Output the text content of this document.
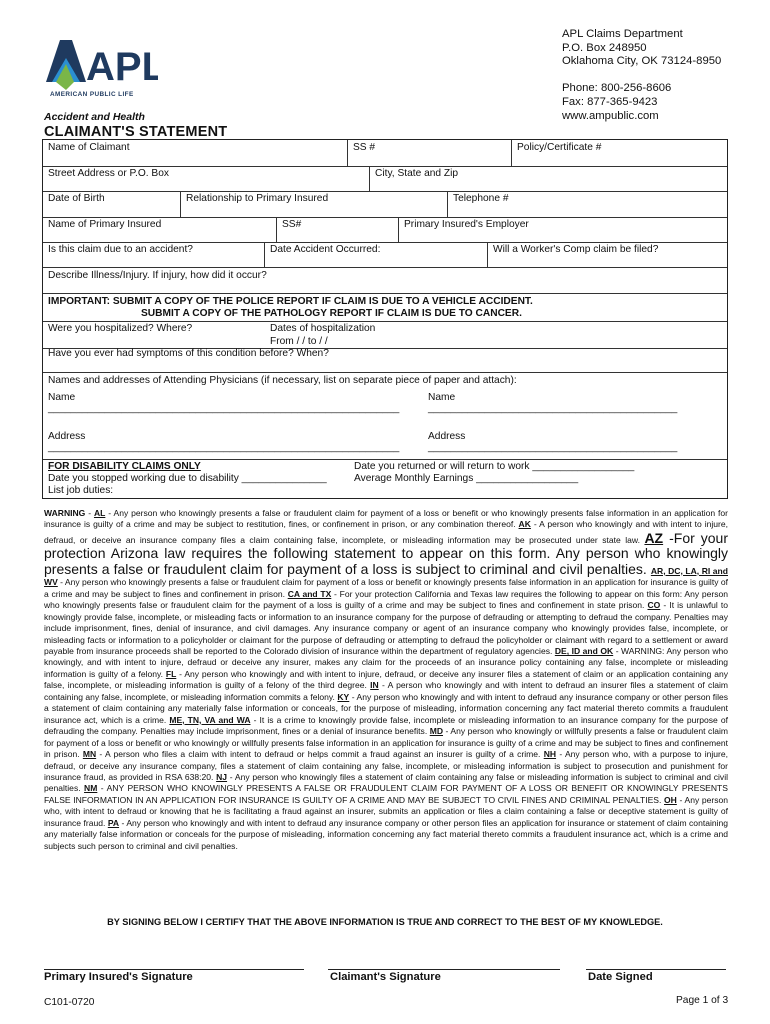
APL
AMERICAN PUBLIC LIFE
APL Claims Department
P.O. Box 248950
Oklahoma City, OK 73124-8950

Phone: 800-256-8606
Fax: 877-365-9423
www.ampublic.com
Accident and Health
CLAIMANT'S STATEMENT
Name of Claimant	SS #	Policy/Certificate #
Street Address or P.O. Box	City, State and Zip
Date of Birth	Relationship to Primary Insured	Telephone #
Name of Primary Insured	SS#	Primary Insured's Employer
Is this claim due to an accident?	Date Accident Occurred:	Will a Worker's Comp claim be filed?
Describe Illness/Injury. If injury, how did it occur?
IMPORTANT: SUBMIT A COPY OF THE POLICE REPORT IF CLAIM IS DUE TO A VEHICLE ACCIDENT.
SUBMIT A COPY OF THE PATHOLOGY REPORT IF CLAIM IS DUE TO CANCER.
Were you hospitalized? Where?	Dates of hospitalization
From / / to / /
Have you ever had symptoms of this condition before? When?
Names and addresses of Attending Physicians (if necessary, list on separate piece of paper and attach):
Name	Name
______________________________________________________________	____________________________________________
Address	Address
______________________________________________________________	____________________________________________
FOR DISABILITY CLAIMS ONLY
Date you stopped working due to disability _______________
List job duties:
Date you returned or will return to work __________________
Average Monthly Earnings __________________
WARNING - AL - Any person who knowingly presents a false or fraudulent claim for payment of a loss or benefit or who knowingly presents false information in an application for insurance is guilty of a crime and may be subject to restitution, fines, or confinement in prison, or any combination thereof. AK - A person who knowingly and with intent to injure, defraud, or deceive an insurance company files a claim containing false, incomplete, or misleading information may be prosecuted under state law. AZ -For your protection Arizona law requires the following statement to appear on this form. Any person who knowingly presents a false or fraudulent claim for payment of a loss is subject to criminal and civil penalties. AR, DC, LA, RI and WV - Any person who knowingly presents a false or fraudulent claim for payment of a loss or benefit or knowingly presents false information in an application for insurance is guilty of a crime and may be subject to fines and confinement in prison. CA and TX - For your protection California and Texas law requires the following to appear on this form: Any person who knowingly presents false or fraudulent claim for the payment of a loss is guilty of a crime and may be subject to fines and confinement in state prison. CO - It is unlawful to knowingly provide false, incomplete, or misleading facts or information to an insurance company for the purpose of defrauding or attempting to defraud the company. Penalties may include imprisonment, fines, denial of insurance, and civil damages. Any insurance company or agent of an insurance company who knowingly provides false, incomplete, or misleading facts or information to a policyholder or claimant for the purpose of defrauding or attempting to defraud the policyholder or claimant with regard to a settlement or award payable from insurance proceeds shall be reported to the Colorado division of insurance within the department of regulatory agencies. DE, ID and OK - WARNING: Any person who knowingly, and with intent to injure, defraud or deceive any insurer, makes any claim for the proceeds of an insurance policy containing any false, incomplete or misleading information is guilty of a felony. FL - Any person who knowingly and with intent to injure, defraud, or deceive any insurer files a statement of claim or an application containing any false, incomplete, or misleading information is guilty of a felony of the third degree. IN - A person who knowingly and with intent to defraud an insurer files a statement of claim containing any false, incomplete, or misleading information commits a felony. KY - Any person who knowingly and with intent to defraud any insurance company or other person files a statement of claim containing any materially false information or conceals, for the purpose of misleading, information concerning any fact material thereto commits a fraudulent insurance act, which is a crime. ME, TN, VA and WA - It is a crime to knowingly provide false, incomplete or misleading information to an insurance company for the purpose of defrauding the company. Penalties may include imprisonment, fines or a denial of insurance benefits. MD - Any person who knowingly or willfully presents a false or fraudulent claim for payment of a loss or benefit or who knowingly or willfully presents false information in an application for insurance is guilty of a crime and may be subject to fines and confinement in prison. MN - A person who files a claim with intent to defraud or helps commit a fraud against an insurer is guilty of a crime. NH - Any person who, with a purpose to injure, defraud, or deceive any insurance company, files a statement of claim containing any false, incomplete, or misleading information is subject to prosecution and punishment for insurance fraud, as provided in RSA 638:20. NJ - Any person who knowingly files a statement of claim containing any false or misleading information is subject to criminal and civil penalties. NM - ANY PERSON WHO KNOWINGLY PRESENTS A FALSE OR FRAUDULENT CLAIM FOR PAYMENT OF A LOSS OR BENEFIT OR KNOWINGLY PRESENTS FALSE INFORMATION IN AN APPLICATION FOR INSURANCE IS GUILTY OF A CRIME AND MAY BE SUBJECT TO CIVIL FINES AND CRIMINAL PENALTIES. OH - Any person who, with intent to defraud or knowing that he is facilitating a fraud against an insurer, submits an application or files a claim containing a false or deceptive statement is guilty of insurance fraud. PA - Any person who knowingly and with intent to defraud any insurance company or other person files an application for insurance or statement of claim containing any materially false information or conceals for the purpose of misleading, information concerning any fact material thereto commits a fraudulent insurance act, which is a crime and subjects such person to criminal and civil penalties.
BY SIGNING BELOW I CERTIFY THAT THE ABOVE INFORMATION IS TRUE AND CORRECT TO THE BEST OF MY KNOWLEDGE.
Primary Insured's Signature	Claimant's Signature	Date Signed
C101-0720	Page 1 of 3
